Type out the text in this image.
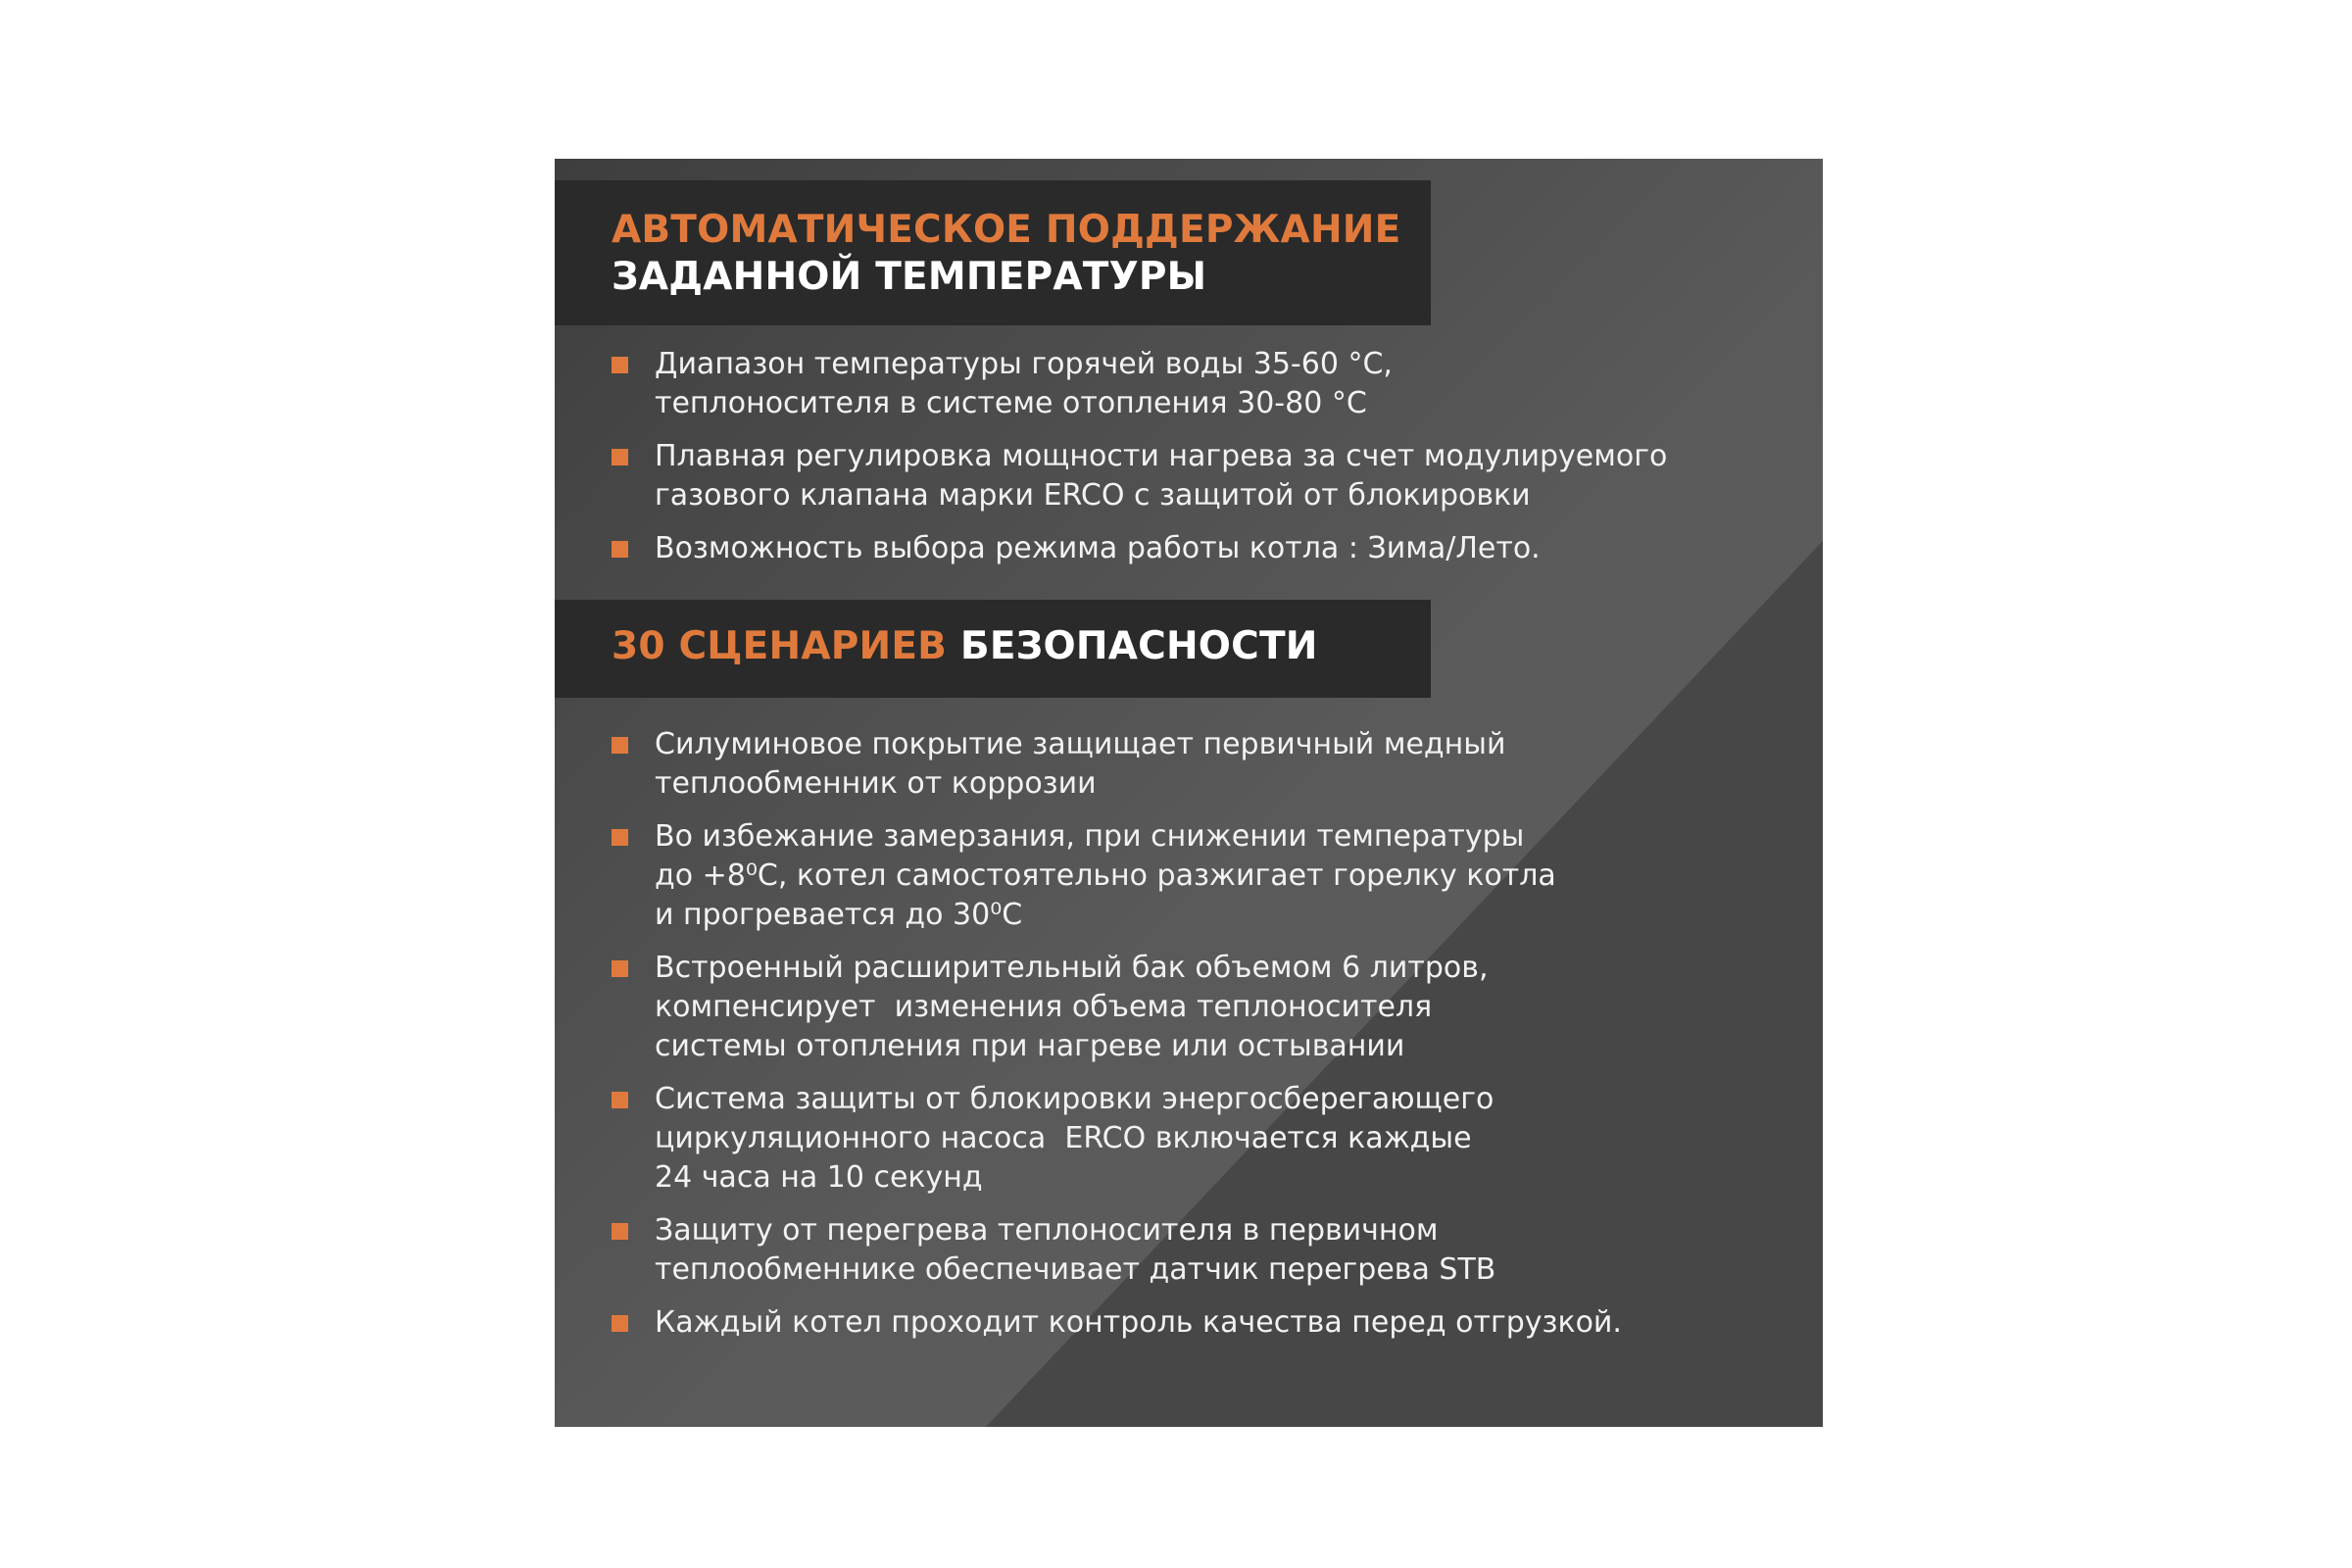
АВТОМАТИЧЕСКОЕ ПОДДЕРЖАНИЕ
ЗАДАННОЙ ТЕМПЕРАТУРЫ
Диапазон температуры горячей воды 35-60 °С,
теплоносителя в системе отопления 30-80 °С
Плавная регулировка мощности нагрева за счет модулируемого
газового клапана марки ERCO с защитой от блокировки
Возможность выбора режима работы котла : Зима/Лето.
30 СЦЕНАРИЕВ БЕЗОПАСНОСТИ
Силуминовое покрытие защищает первичный медный
теплообменник от коррозии
Во избежание замерзания, при снижении температуры
до +8⁰С, котел самостоятельно разжигает горелку котла
и прогревается до 30⁰С
Встроенный расширительный бак объемом 6 литров,
компенсирует  изменения объема теплоносителя
системы отопления при нагреве или остывании
Система защиты от блокировки энергосберегающего
циркуляционного насоса  ERCO включается каждые
24 часа на 10 секунд
Защиту от перегрева теплоносителя в первичном
теплообменнике обеспечивает датчик перегрева STB
Каждый котел проходит контроль качества перед отгрузкой.
